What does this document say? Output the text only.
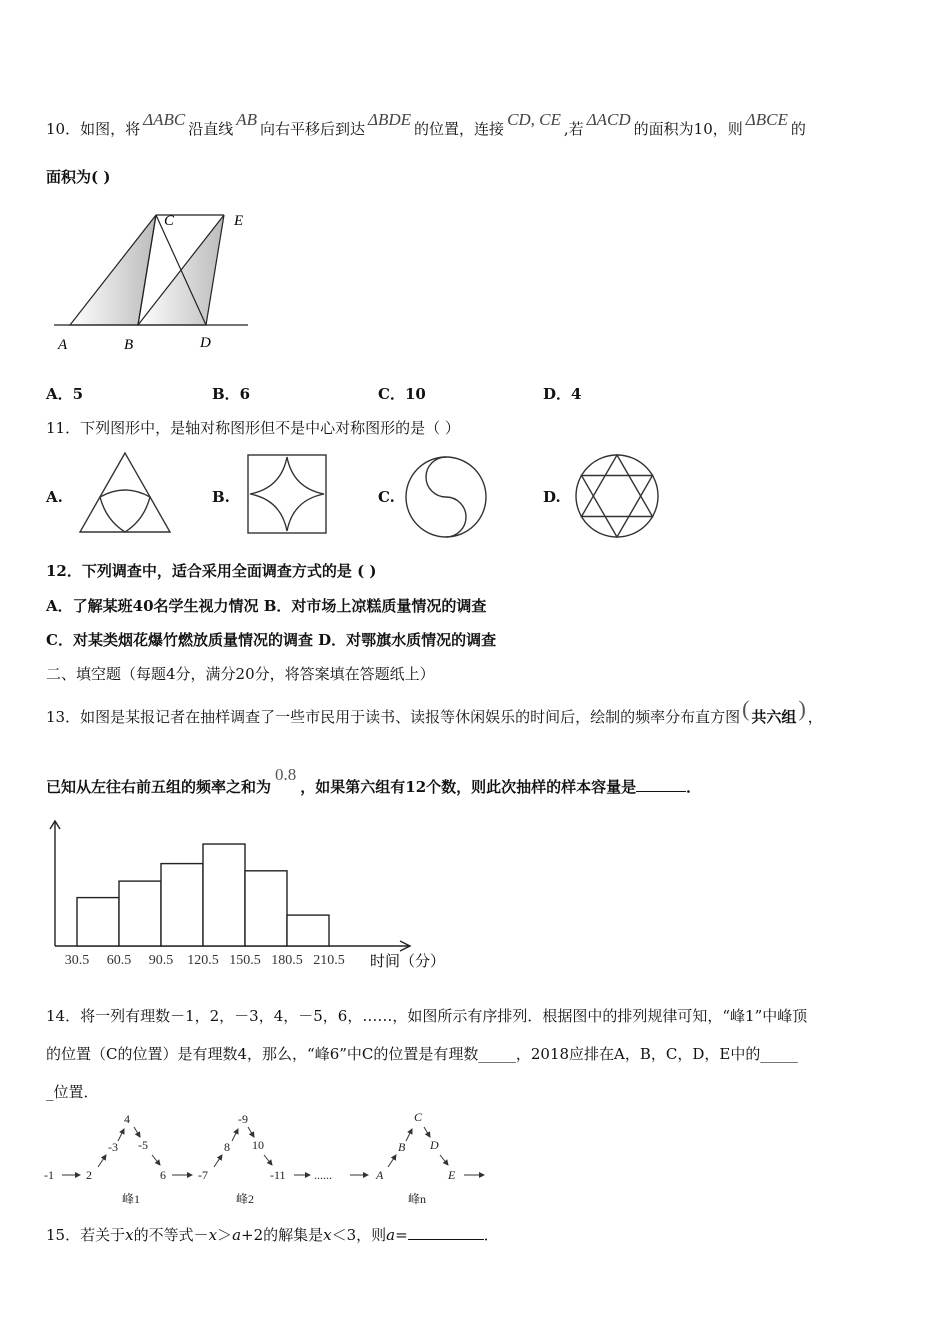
10．如图，将 ΔABC 沿直线 AB 向右平移后到达 ΔBDE 的位置，连接 CD, CE ,若 ΔACD 的面积为10，则 ΔBCE 的
面积为( )
A	B
C
D
E
A．5	B．6	C．10	D．4
11．下列图形中，是轴对称图形但不是中心对称图形的是（ ）
A.	B.	C.	D.
12．下列调查中，适合采用全面调查方式的是 ( )
A．了解某班40名学生视力情况 B．对市场上凉糕质量情况的调查
C．对某类烟花爆竹燃放质量情况的调查 D．对鄂旗水质情况的调查
二、填空题（每题4分，满分20分，将答案填在答题纸上）
13．如图是某报记者在抽样调查了一些市民用于读书、读报等休闲娱乐的时间后，绘制的频率分布直方图( 共六组) ，
已知从左往右前五组的频率之和为0.8，如果第六组有12个数，则此次抽样的样本容量是	．
30.5 60.5 90.5 120.5 150.5 180.5 210.5 时间（分）
14．将一列有理数－1，2，－3，4，－5，6，……，如图所示有序排列．根据图中的排列规律可知，“峰1”中峰顶
的位置（C的位置）是有理数4，那么，“峰6”中C的位置是有理数_____，2018应排在A，B，C，D，E中的_____
_位置．
-1	2
-3
4
-5
6	-7
8
-9
10
-11 ......	A
B
C
D
E
峰1	峰2	峰n
15．若关于x的不等式－x＞a+2的解集是x＜3，则a=	．
